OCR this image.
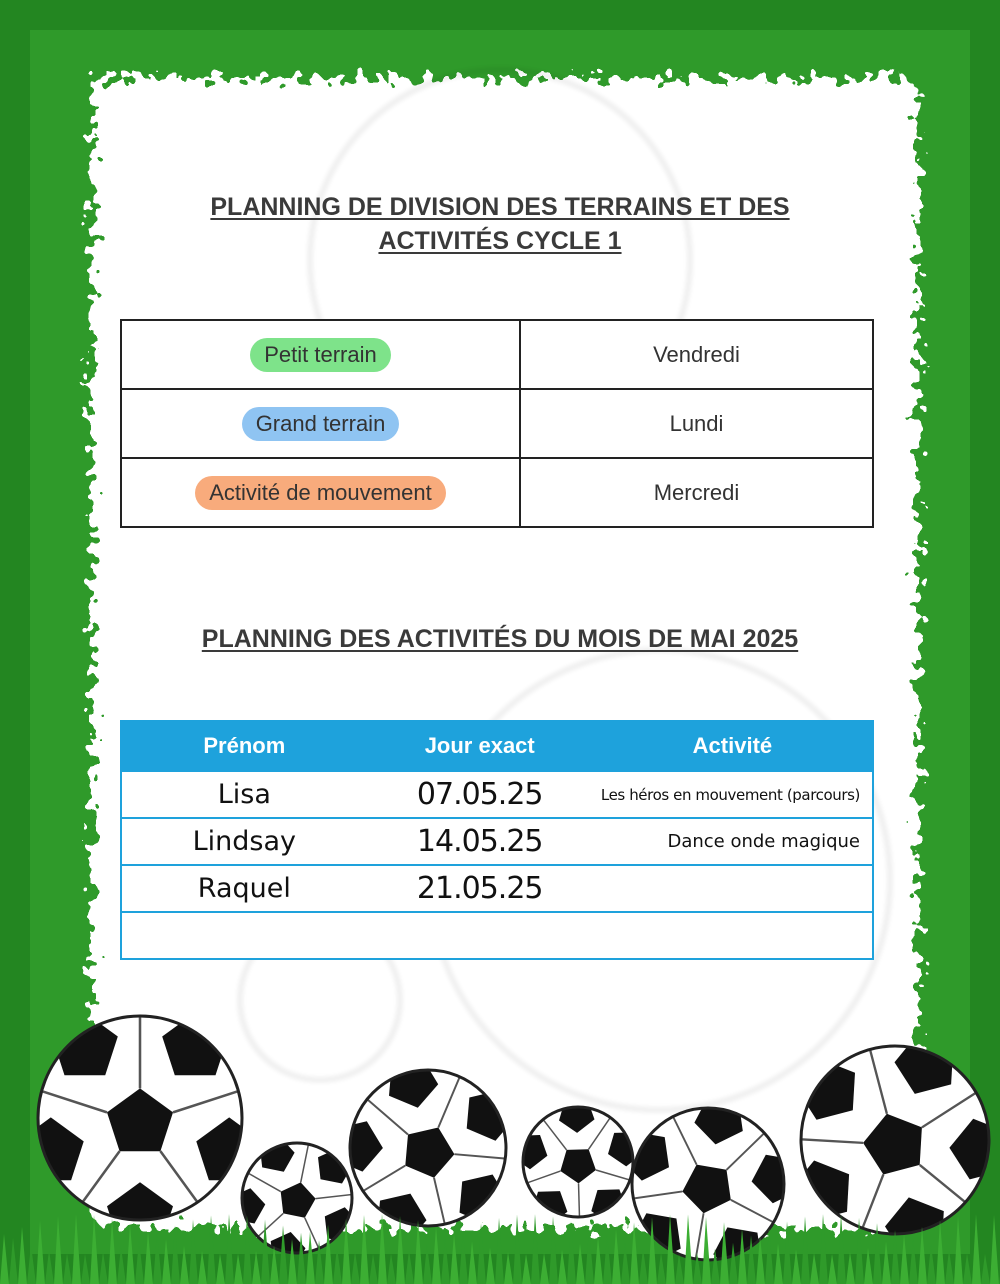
PLANNING DE DIVISION DES TERRAINS ET DES
ACTIVITÉS CYCLE 1
Petit terrain	Vendredi
Grand terrain	Lundi
Activité de mouvement	Mercredi
PLANNING DES ACTIVITÉS DU MOIS DE MAI 2025
Prénom	Jour exact	Activité
Lisa	07.05.25	Les héros en mouvement (parcours)
Lindsay	14.05.25	Dance onde magique
Raquel	21.05.25	
